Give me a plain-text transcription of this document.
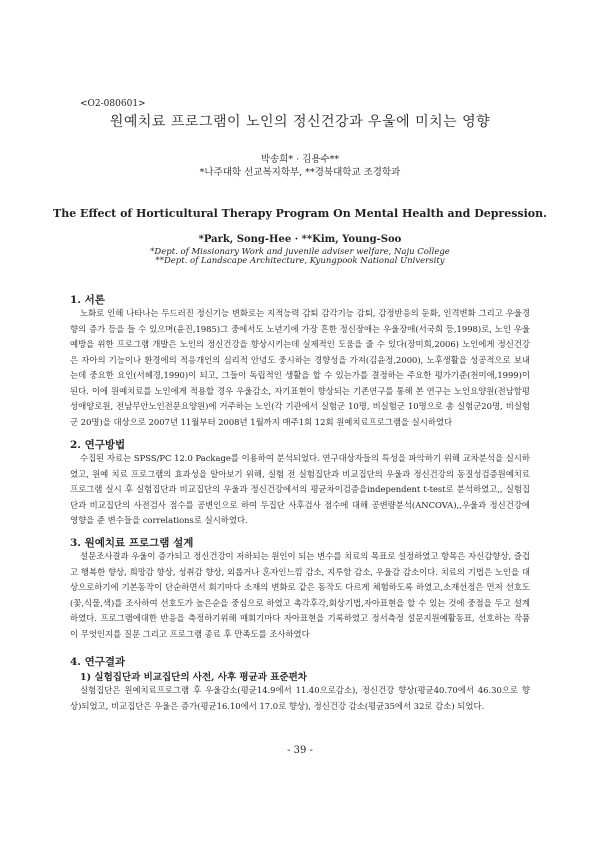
<O2-080601>
원예치료 프로그램이 노인의 정신건강과 우울에 미치는 영향
박송희* · 김용수**
*나주대학 선교복지학부, **경북대학교 조경학과
The Effect of Horticultural Therapy Program On Mental Health and Depression.
*Park, Song-Hee · **Kim, Young-Soo
*Dept. of Missionary Work and juvenile adviser welfare, Naju College
**Dept. of Landscape Architecture, Kyungpook National University
1. 서론

노화로 인해 나타나는 두드러진 정신기능 변화로는 지적능력 감퇴 감각기능 감퇴, 감정반응의 둔화, 인격변화 그리고 우울경향의 증가 등을 들 수 있으며(윤진,1985)그 중에서도 노년기에 가장 흔한 정신장애는 우울장애(서국희 등,1998)로, 노인 우울예방을 위한 프로그램 개발은 노인의 정신건강을 향상시키는데 실제적인 도움을 줄 수 있다(장미희,2006) 노인에게 정신건강은 자아의 기능이나 환경에의 적응개인의 심리적 안녕도 중시하는 경향성을 가져(김윤정,2000), 노후생활을 성공적으로 보내는데 중요한 요인(서혜경,1990)이 되고, 그들이 독립적인 생활을 할 수 있는가를 결정하는 주요한 평가기준(천미애,1999)이 된다. 이에 원예치료를 노인에게 적용할 경우 우울감소, 자기표현이 향상되는 기존연구를 통해 본 연구는 노인요양원(전남함평성애양로원, 전남무안노인전문요양원)에 거주하는 노인(각 기관에서 실험군 10명, 비실험군 10명으로 총 실험군20명, 비실험군 20명)을 대상으로 2007년 11월부터 2008년 1월까지 매주1회 12회 원예치료프로그램을 실시하였다

2. 연구방법

수집된 자료는 SPSS/PC 12.0 Package를 이용하여 분석되었다. 연구대상자들의 특성을 파악하기 위해 교차분석을 실시하였고, 원예 치료 프로그램의 효과성을 알아보기 위해, 실험 전 실험집단과 비교집단의 우울과 정신건강의 동질성검증원예치료 프로그램 실시 후 실험집단과 비교집단의 우울과 정신건강에서의 평균차이검증을independent t-test로 분석하였고,, 실험집단과 비교집단의 사전검사 점수를 공변인으로 하여 두집단 사후검사 점수에 대해 공변량분석(ANCOVA),,우울과 정신건강에 영향을 준 변수들을 correlations로 실시하였다.

3. 원예치료 프로그램 설계

설문조사결과 우울이 증가되고 정신건강이 저하되는 원인이 되는 변수를 치료의 목표로 설정하였고 항목은 자신감향상, 즐겁고 행복한 향상, 희망감 향상, 성취감 향상, 외롭거나 혼자인느낌 감소, 지루함 감소, 우울감 감소이다. 치료의 기법은 노인을 대상으로하기에 기본동작이 단순하면서 회기마다 소재의 변화로 같은 동작도 다르게 체험하도록 하였고,소재선정은 먼저 선호도(꽃,식물,색)를 조사하여 선호도가 높은순을 중심으로 하였고 촉각후각,회상기법,자아표현을 할 수 있는 것에 중점을 두고 설계하였다. 프로그램에대한 반응을 측정하기위해 매회기마다 자아표현을 기록하였고 정서측정 설문지원예활동표, 선호하는 작품이 무엇인지를 질문 그리고 프로그램 종료 후 만족도를 조사하였다

4. 연구결과
1) 실험집단과 비교집단의 사전, 사후 평균과 표준편차

실험집단은 원예치료프로그램 후 우울감소(평균14.9에서 11.40으로감소), 정신건강 향상(평균40.70에서 46.30으로 향상)되었고, 비교집단은 우울은 증가(평균16.10에서 17.0로 향상), 정신건강 감소(평균35에서 32로 감소) 되었다.

- 39 -
